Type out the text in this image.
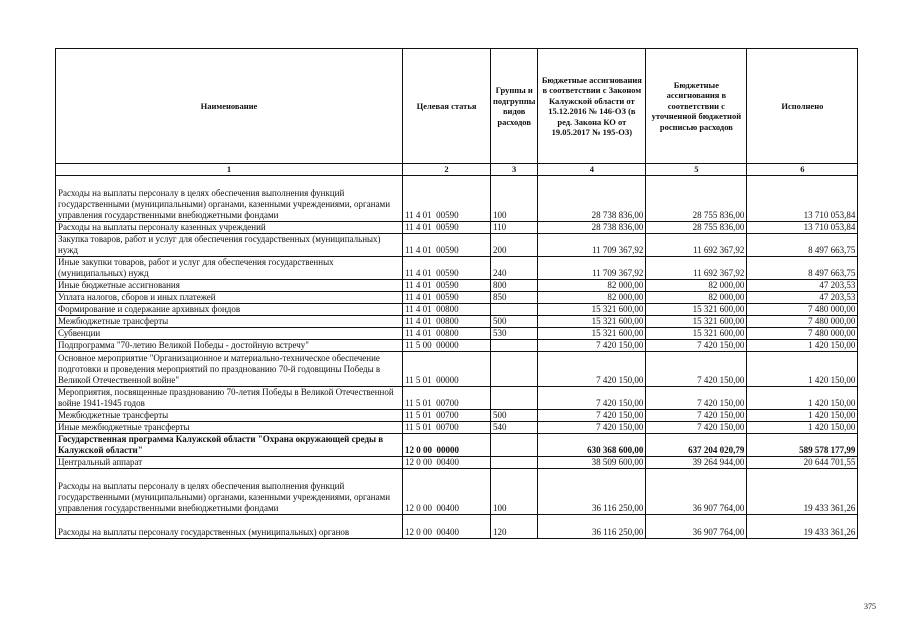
Наименование	Целевая статья	Группы и подгруппы видов расходов	Бюджетные ассигнования в соответствии с Законом Калужской области от 15.12.2016 № 146-ОЗ (в ред. Закона КО от 19.05.2017 № 195-ОЗ)	Бюджетные ассигнования в соответствии с уточненной бюджетной росписью расходов	Исполнено
1	2	3	4	5	6
Расходы на выплаты персоналу в целях обеспечения выполнения функций государственными (муниципальными) органами, казенными учреждениями, органами управления государственными внебюджетными фондами	11 4 01  00590	100	28 738 836,00	28 755 836,00	13 710 053,84
Расходы на выплаты персоналу казенных учреждений	11 4 01  00590	110	28 738 836,00	28 755 836,00	13 710 053,84
Закупка товаров, работ и услуг для обеспечения государственных (муниципальных) нужд	11 4 01  00590	200	11 709 367,92	11 692 367,92	8 497 663,75
Иные закупки товаров, работ и услуг для обеспечения государственных (муниципальных) нужд	11 4 01  00590	240	11 709 367,92	11 692 367,92	8 497 663,75
Иные бюджетные ассигнования	11 4 01  00590	800	82 000,00	82 000,00	47 203,53
Уплата налогов, сборов и иных платежей	11 4 01  00590	850	82 000,00	82 000,00	47 203,53
Формирование и содержание архивных фондов	11 4 01  00800		15 321 600,00	15 321 600,00	7 480 000,00
Межбюджетные трансферты	11 4 01  00800	500	15 321 600,00	15 321 600,00	7 480 000,00
Субвенции	11 4 01  00800	530	15 321 600,00	15 321 600,00	7 480 000,00
Подпрограмма "70-летию Великой Победы - достойную встречу"	11 5 00  00000		7 420 150,00	7 420 150,00	1 420 150,00
Основное мероприятие "Организационное и материально-техническое обеспечение подготовки и проведения мероприятий по празднованию 70-й годовщины Победы в Великой Отечественной войне"	11 5 01  00000		7 420 150,00	7 420 150,00	1 420 150,00
Мероприятия, посвященные празднованию 70-летия Победы в Великой Отечественной войне 1941-1945 годов	11 5 01  00700		7 420 150,00	7 420 150,00	1 420 150,00
Межбюджетные трансферты	11 5 01  00700	500	7 420 150,00	7 420 150,00	1 420 150,00
Иные межбюджетные трансферты	11 5 01  00700	540	7 420 150,00	7 420 150,00	1 420 150,00
Государственная программа Калужской области "Охрана окружающей среды в Калужской области"	12 0 00  00000		630 368 600,00	637 204 020,79	589 578 177,99
Центральный аппарат	12 0 00  00400		38 509 600,00	39 264 944,00	20 644 701,55
Расходы на выплаты персоналу в целях обеспечения выполнения функций государственными (муниципальными) органами, казенными учреждениями, органами управления государственными внебюджетными фондами	12 0 00  00400	100	36 116 250,00	36 907 764,00	19 433 361,26
Расходы на выплаты персоналу государственных (муниципальных) органов	12 0 00  00400	120	36 116 250,00	36 907 764,00	19 433 361,26
375
